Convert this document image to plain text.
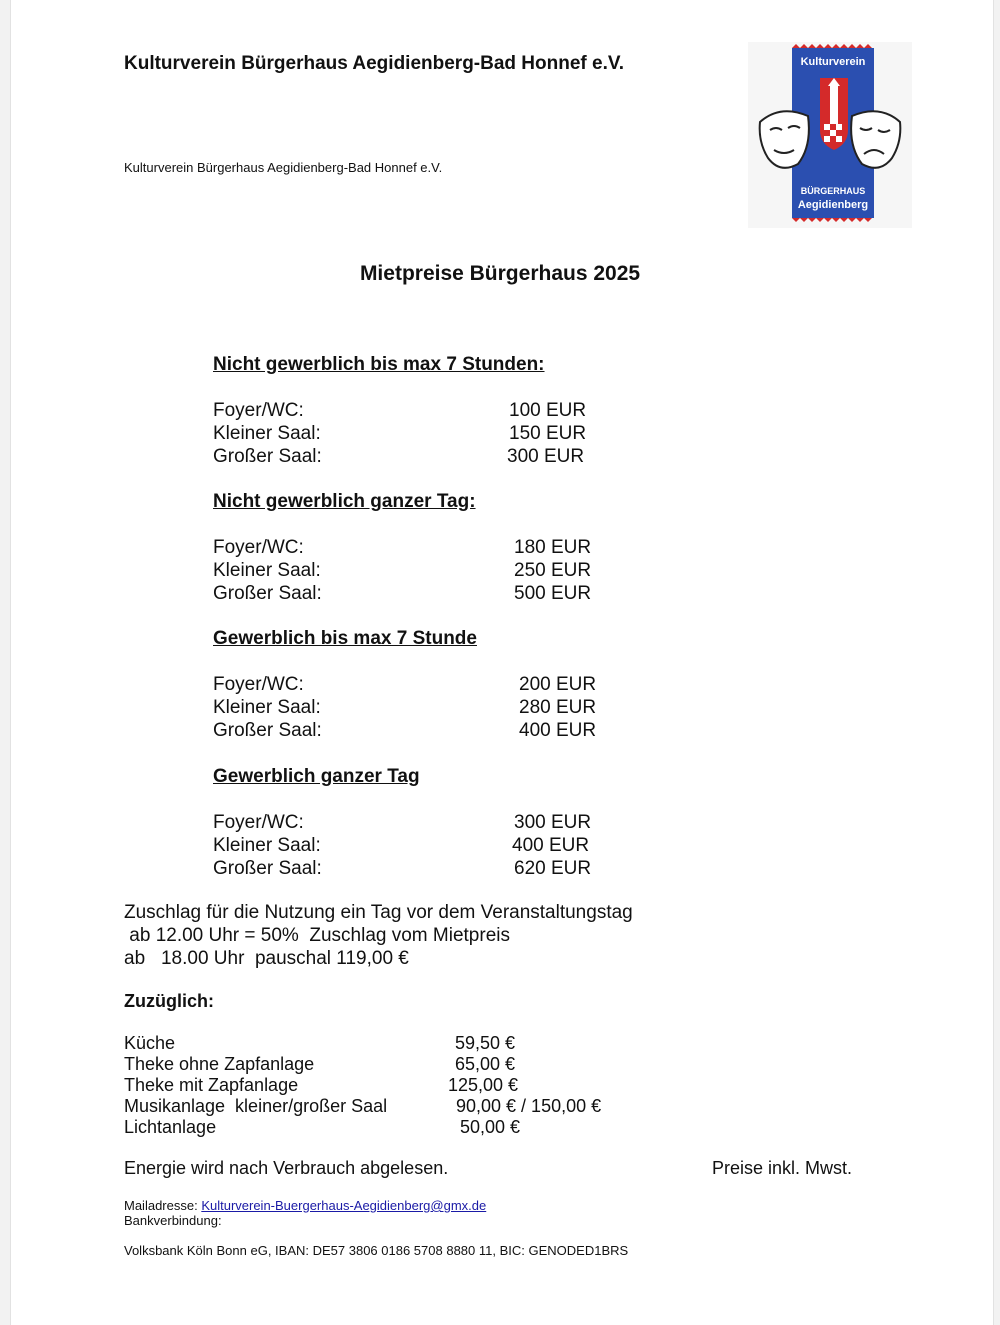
Kulturverein Bürgerhaus Aegidienberg-Bad Honnef e.V.
Kulturverein Bürgerhaus Aegidienberg-Bad Honnef e.V.
Kulturverein
BÜRGERHAUS
Aegidienberg
Mietpreise Bürgerhaus 2025
Nicht gewerblich bis max 7 Stunden:
Foyer/WC:	100 EUR
Kleiner Saal:	150 EUR
Großer Saal:	300 EUR
Nicht gewerblich ganzer Tag:
Foyer/WC:	180 EUR
Kleiner Saal:	250 EUR
Großer Saal:	500 EUR
Gewerblich bis max 7 Stunde
Foyer/WC:	200 EUR
Kleiner Saal:	280 EUR
Großer Saal:	400 EUR
Gewerblich ganzer Tag
Foyer/WC:	300 EUR
Kleiner Saal:	400 EUR
Großer Saal:	620 EUR
Zuschlag für die Nutzung ein Tag vor dem Veranstaltungstag
ab 12.00 Uhr = 50%  Zuschlag vom Mietpreis
ab   18.00 Uhr  pauschal 119,00 €
Zuzüglich:
Küche	59,50 €
Theke ohne Zapfanlage	65,00 €
Theke mit Zapfanlage	125,00 €
Musikanlage  kleiner/großer Saal	90,00 € / 150,00 €
Lichtanlage	50,00 €
Energie wird nach Verbrauch abgelesen.	Preise inkl. Mwst.
Mailadresse: Kulturverein-Buergerhaus-Aegidienberg@gmx.de
Bankverbindung:
Volksbank Köln Bonn eG, IBAN: DE57 3806 0186 5708 8880 11, BIC: GENODED1BRS
